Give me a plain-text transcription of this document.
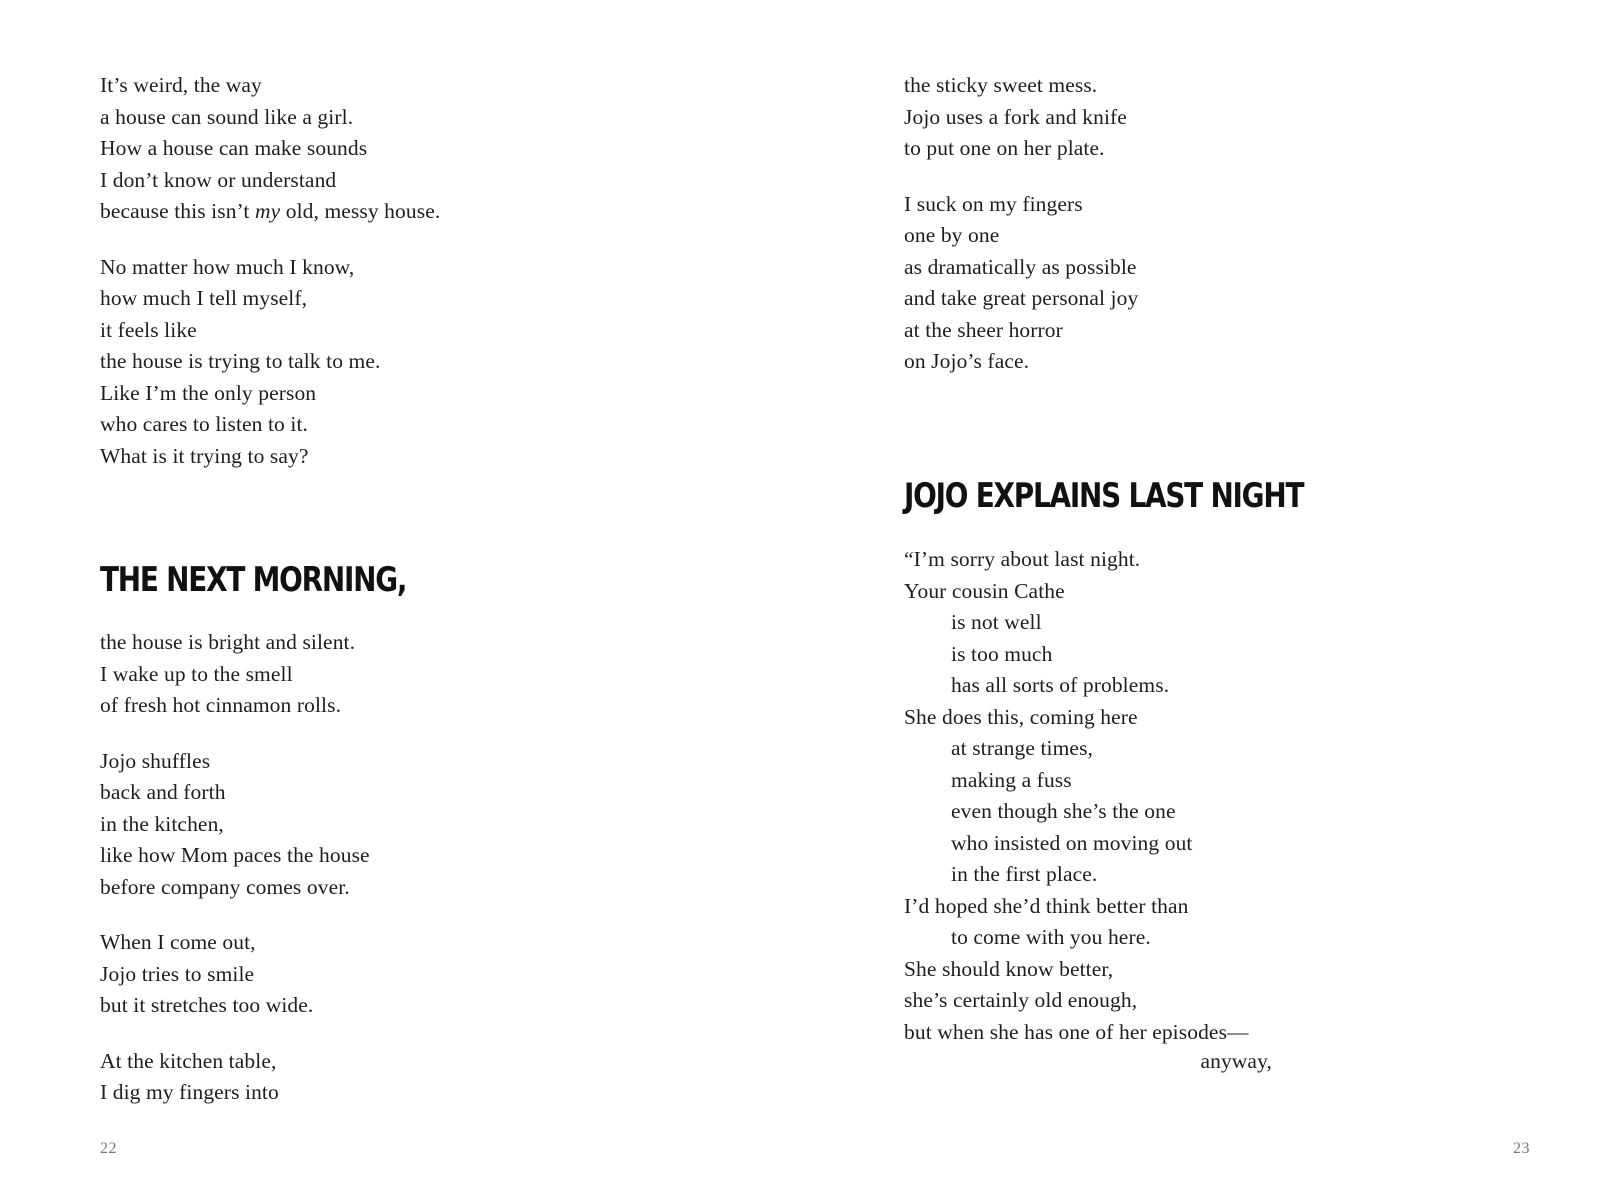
It’s weird, the way
a house can sound like a girl.
How a house can make sounds
I don’t know or understand
because this isn’t my old, messy house.
No matter how much I know,
how much I tell myself,
it feels like
the house is trying to talk to me.
Like I’m the only person
who cares to listen to it.
What is it trying to say?
THE NEXT MORNING,
the house is bright and silent.
I wake up to the smell
of fresh hot cinnamon rolls.
Jojo shuffles
back and forth
in the kitchen,
like how Mom paces the house
before company comes over.
When I come out,
Jojo tries to smile
but it stretches too wide.
At the kitchen table,
I dig my fingers into
22
the sticky sweet mess.
Jojo uses a fork and knife
to put one on her plate.
I suck on my fingers
one by one
as dramatically as possible
and take great personal joy
at the sheer horror
on Jojo’s face.
JOJO EXPLAINS LAST NIGHT
“I’m sorry about last night.
Your cousin Cathe
is not well
is too much
has all sorts of problems.
She does this, coming here
at strange times,
making a fuss
even though she’s the one
who insisted on moving out
in the first place.
I’d hoped she’d think better than
to come with you here.
She should know better,
she’s certainly old enough,
but when she has one of her episodes—
anyway,
23
